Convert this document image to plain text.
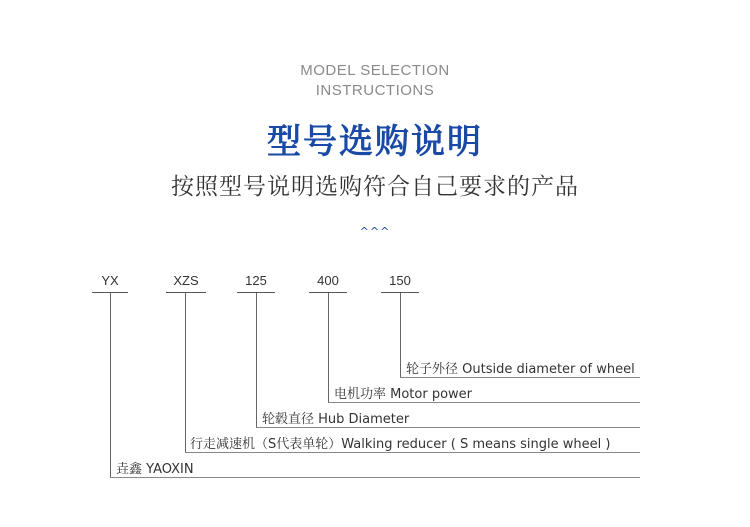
MODEL SELECTION
INSTRUCTIONS
型号选购说明
按照型号说明选购符合自己要求的产品
^^^
YX	XZS	125	400	150
轮子外径 Outside diameter of wheel
电机功率 Motor power
轮毂直径 Hub Diameter
行走减速机（S代表单轮）Walking reducer ( S means single wheel )
垚鑫 YAOXIN
